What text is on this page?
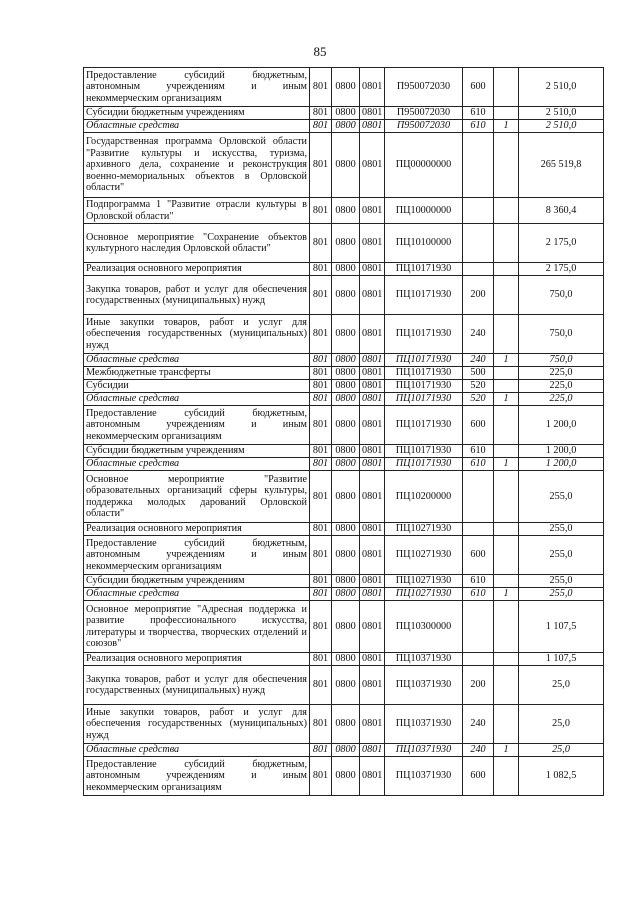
85
Предоставление субсидий бюджетным, автономным учреждениям и иным некоммерческим организациям	801	0800	0801	П950072030	600		2 510,0
Субсидии бюджетным учреждениям	801	0800	0801	П950072030	610		2 510,0
Областные средства	801	0800	0801	П950072030	610	1	2 510,0
Государственная программа Орловской области "Развитие культуры и искусства, туризма, архивного дела, сохранение и реконструкция военно-мемориальных объектов в Орловской области"	801	0800	0801	ПЦ00000000			265 519,8
Подпрограмма 1 "Развитие отрасли культуры в Орловской области"	801	0800	0801	ПЦ10000000			8 360,4
Основное мероприятие "Сохранение объектов культурного наследия Орловской области"	801	0800	0801	ПЦ10100000			2 175,0
Реализация основного мероприятия	801	0800	0801	ПЦ10171930			2 175,0
Закупка товаров, работ и услуг для обеспечения государственных (муниципальных) нужд	801	0800	0801	ПЦ10171930	200		750,0
Иные закупки товаров, работ и услуг для обеспечения государственных (муниципальных) нужд	801	0800	0801	ПЦ10171930	240		750,0
Областные средства	801	0800	0801	ПЦ10171930	240	1	750,0
Межбюджетные трансферты	801	0800	0801	ПЦ10171930	500		225,0
Субсидии	801	0800	0801	ПЦ10171930	520		225,0
Областные средства	801	0800	0801	ПЦ10171930	520	1	225,0
Предоставление субсидий бюджетным, автономным учреждениям и иным некоммерческим организациям	801	0800	0801	ПЦ10171930	600		1 200,0
Субсидии бюджетным учреждениям	801	0800	0801	ПЦ10171930	610		1 200,0
Областные средства	801	0800	0801	ПЦ10171930	610	1	1 200,0
Основное мероприятие "Развитие образовательных организаций сферы культуры, поддержка молодых дарований Орловской области"	801	0800	0801	ПЦ10200000			255,0
Реализация основного мероприятия	801	0800	0801	ПЦ10271930			255,0
Предоставление субсидий бюджетным, автономным учреждениям и иным некоммерческим организациям	801	0800	0801	ПЦ10271930	600		255,0
Субсидии бюджетным учреждениям	801	0800	0801	ПЦ10271930	610		255,0
Областные средства	801	0800	0801	ПЦ10271930	610	1	255,0
Основное мероприятие "Адресная поддержка и развитие профессионального искусства, литературы и творчества, творческих отделений и союзов"	801	0800	0801	ПЦ10300000			1 107,5
Реализация основного мероприятия	801	0800	0801	ПЦ10371930			1 107,5
Закупка товаров, работ и услуг для обеспечения государственных (муниципальных) нужд	801	0800	0801	ПЦ10371930	200		25,0
Иные закупки товаров, работ и услуг для обеспечения государственных (муниципальных) нужд	801	0800	0801	ПЦ10371930	240		25,0
Областные средства	801	0800	0801	ПЦ10371930	240	1	25,0
Предоставление субсидий бюджетным, автономным учреждениям и иным некоммерческим организациям	801	0800	0801	ПЦ10371930	600		1 082,5
